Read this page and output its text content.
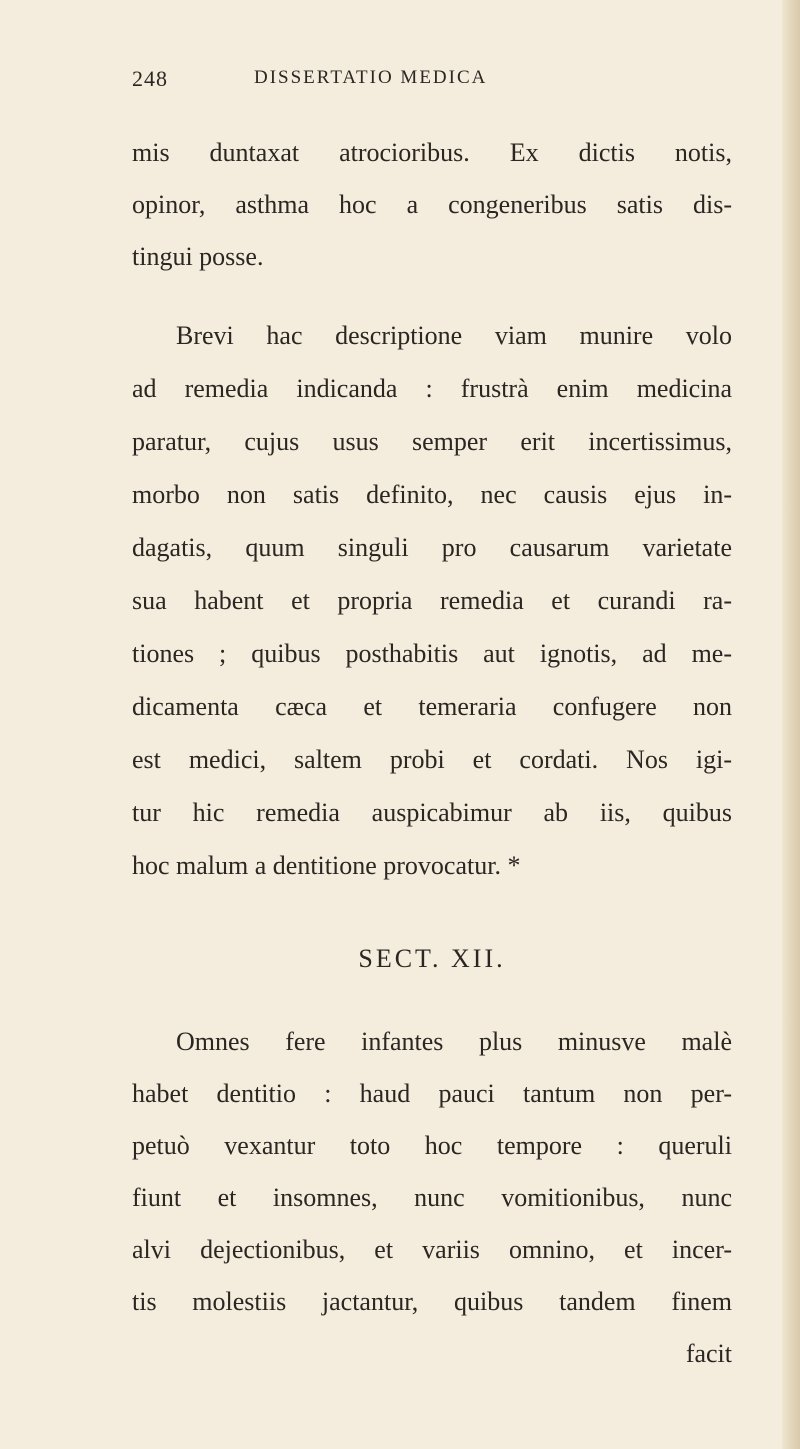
248	DISSERTATIO MEDICA
mis duntaxat atrocioribus. Ex dictis notis,
opinor, asthma hoc a congeneribus satis dis-
tingui posse.
Brevi hac descriptione viam munire volo
ad remedia indicanda : frustrà enim medicina
paratur, cujus usus semper erit incertissimus,
morbo non satis definito, nec causis ejus in-
dagatis, quum singuli pro causarum varietate
sua habent et propria remedia et curandi ra-
tiones ; quibus posthabitis aut ignotis, ad me-
dicamenta cæca et temeraria confugere non
est medici, saltem probi et cordati. Nos igi-
tur hic remedia auspicabimur ab iis, quibus
hoc malum a dentitione provocatur. *
SECT. XII.
Omnes fere infantes plus minusve malè
habet dentitio : haud pauci tantum non per-
petuò vexantur toto hoc tempore : queruli
fiunt et insomnes, nunc vomitionibus, nunc
alvi dejectionibus, et variis omnino, et incer-
tis molestiis jactantur, quibus tandem finem
facit
